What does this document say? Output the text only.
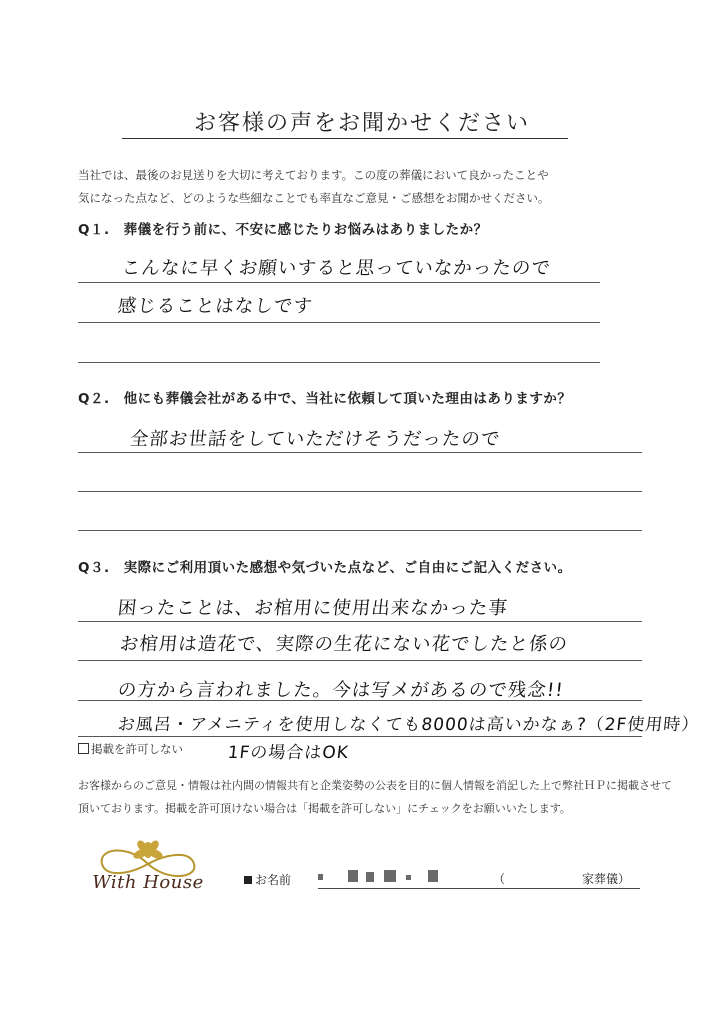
お客様の声をお聞かせください
当社では、最後のお見送りを大切に考えております。この度の葬儀において良かったことや
気になった点など、どのような些細なことでも率直なご意見・ご感想をお聞かせください。
Q１.　葬儀を行う前に、不安に感じたりお悩みはありましたか？
こんなに早くお願いすると思っていなかったので
感じることはなしです
Q２.　他にも葬儀会社がある中で、当社に依頼して頂いた理由はありますか？
全部お世話をしていただけそうだったので
Q３.　実際にご利用頂いた感想や気づいた点など、ご自由にご記入ください。
困ったことは、お棺用に使用出来なかった事
お棺用は造花で、実際の生花にない花でしたと係の
の方から言われました。今は写メがあるので残念!!
お風呂・アメニティを使用しなくても8000は高いかなぁ?（2F使用時）
掲載を許可しない	1Fの場合はOK
お客様からのご意見・情報は社内間の情報共有と企業姿勢の公表を目的に個人情報を消記した上で弊社ＨＰに掲載させて
頂いております。掲載を許可頂けない場合は「掲載を許可しない」にチェックをお願いいたします。
With House	お名前	（	家葬儀）
